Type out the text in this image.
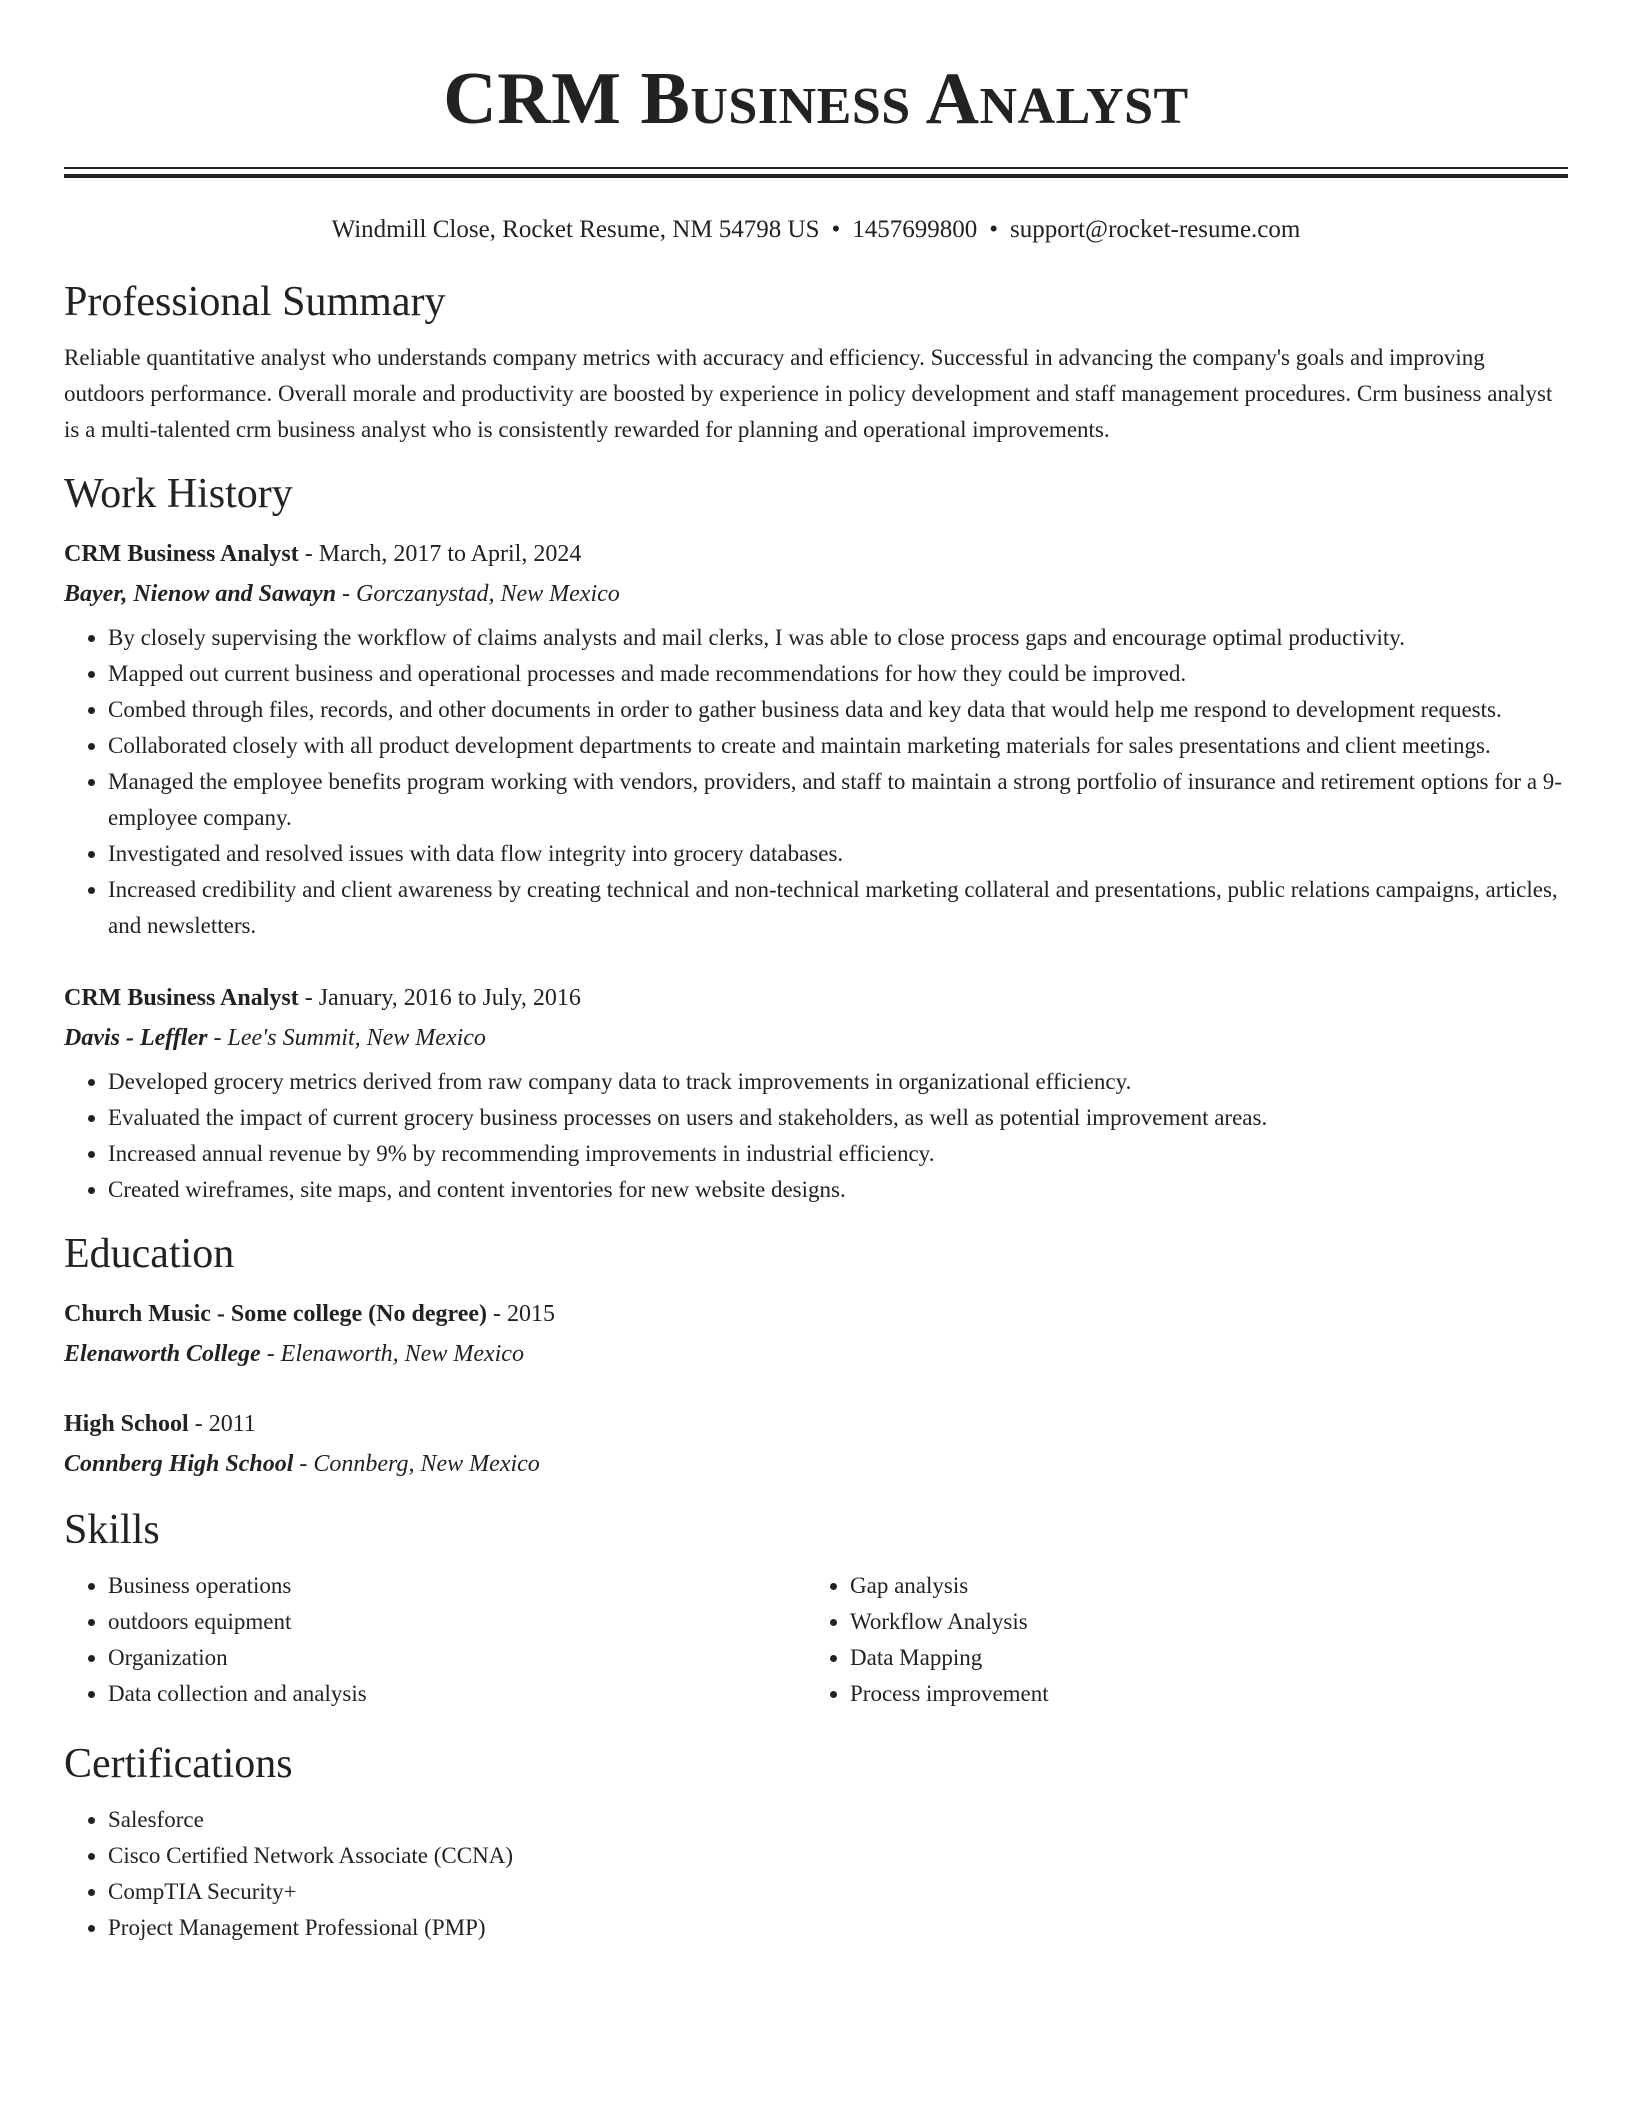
CRM Business Analyst
Windmill Close, Rocket Resume, NM 54798 US • 1457699800 • support@rocket-resume.com
Professional Summary

Reliable quantitative analyst who understands company metrics with accuracy and efficiency. Successful in advancing the company's goals and improving outdoors performance. Overall morale and productivity are boosted by experience in policy development and staff management procedures. Crm business analyst is a multi-talented crm business analyst who is consistently rewarded for planning and operational improvements.

Work History
CRM Business Analyst - March, 2017 to April, 2024
Bayer, Nienow and Sawayn - Gorczanystad, New Mexico
• By closely supervising the workflow of claims analysts and mail clerks, I was able to close process gaps and encourage optimal productivity.
• Mapped out current business and operational processes and made recommendations for how they could be improved.
• Combed through files, records, and other documents in order to gather business data and key data that would help me respond to development requests.
• Collaborated closely with all product development departments to create and maintain marketing materials for sales presentations and client meetings.
• Managed the employee benefits program working with vendors, providers, and staff to maintain a strong portfolio of insurance and retirement options for a 9-employee company.
• Investigated and resolved issues with data flow integrity into grocery databases.
• Increased credibility and client awareness by creating technical and non-technical marketing collateral and presentations, public relations campaigns, articles, and newsletters.
CRM Business Analyst - January, 2016 to July, 2016
Davis - Leffler - Lee's Summit, New Mexico
• Developed grocery metrics derived from raw company data to track improvements in organizational efficiency.
• Evaluated the impact of current grocery business processes on users and stakeholders, as well as potential improvement areas.
• Increased annual revenue by 9% by recommending improvements in industrial efficiency.
• Created wireframes, site maps, and content inventories for new website designs.
Education
Church Music - Some college (No degree) - 2015
Elenaworth College - Elenaworth, New Mexico
High School - 2011
Connberg High School - Connberg, New Mexico
Skills
• Business operations
• outdoors equipment
• Organization
• Data collection and analysis
• Gap analysis
• Workflow Analysis
• Data Mapping
• Process improvement
Certifications
• Salesforce
• Cisco Certified Network Associate (CCNA)
• CompTIA Security+
• Project Management Professional (PMP)
